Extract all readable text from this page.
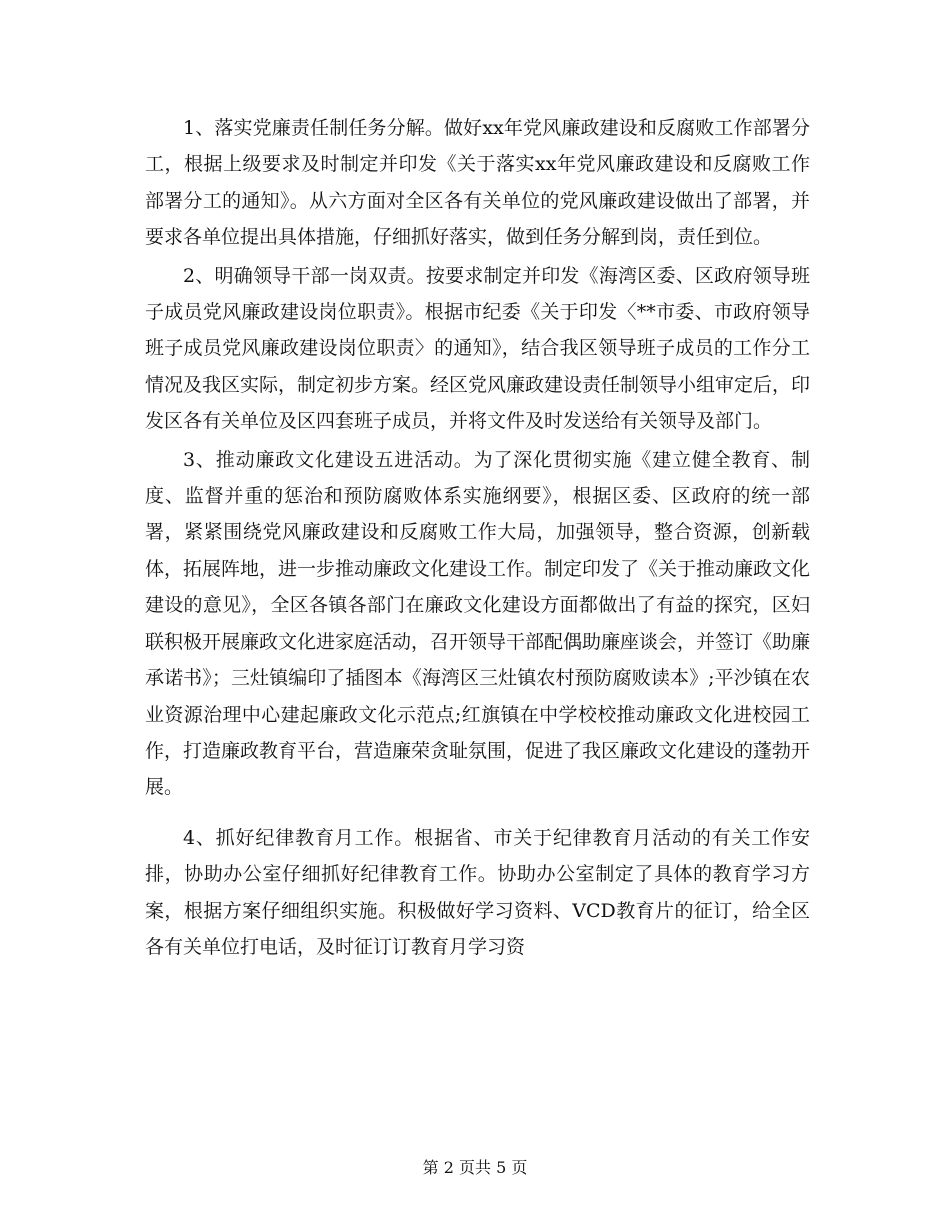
1、落实党廉责任制任务分解。做好xx年党风廉政建设和反腐败工作部署分工，根据上级要求及时制定并印发《关于落实xx年党风廉政建设和反腐败工作部署分工的通知》。从六方面对全区各有关单位的党风廉政建设做出了部署，并要求各单位提出具体措施，仔细抓好落实，做到任务分解到岗，责任到位。

2、明确领导干部一岗双责。按要求制定并印发《海湾区委、区政府领导班子成员党风廉政建设岗位职责》。根据市纪委《关于印发〈**市委、市政府领导班子成员党风廉政建设岗位职责〉的通知》，结合我区领导班子成员的工作分工情况及我区实际，制定初步方案。经区党风廉政建设责任制领导小组审定后，印发区各有关单位及区四套班子成员，并将文件及时发送给有关领导及部门。

3、推动廉政文化建设五进活动。为了深化贯彻实施《建立健全教育、制度、监督并重的惩治和预防腐败体系实施纲要》，根据区委、区政府的统一部署，紧紧围绕党风廉政建设和反腐败工作大局，加强领导，整合资源，创新载体，拓展阵地，进一步推动廉政文化建设工作。制定印发了《关于推动廉政文化建设的意见》，全区各镇各部门在廉政文化建设方面都做出了有益的探究，区妇联积极开展廉政文化进家庭活动，召开领导干部配偶助廉座谈会，并签订《助廉承诺书》；三灶镇编印了插图本《海湾区三灶镇农村预防腐败读本》;平沙镇在农业资源治理中心建起廉政文化示范点;红旗镇在中学校校推动廉政文化进校园工作，打造廉政教育平台，营造廉荣贪耻氛围，促进了我区廉政文化建设的蓬勃开展。

4、抓好纪律教育月工作。根据省、市关于纪律教育月活动的有关工作安排，协助办公室仔细抓好纪律教育工作。协助办公室制定了具体的教育学习方案，根据方案仔细组织实施。积极做好学习资料、VCD教育片的征订，给全区各有关单位打电话，及时征订订教育月学习资

第 2 页共 5 页
